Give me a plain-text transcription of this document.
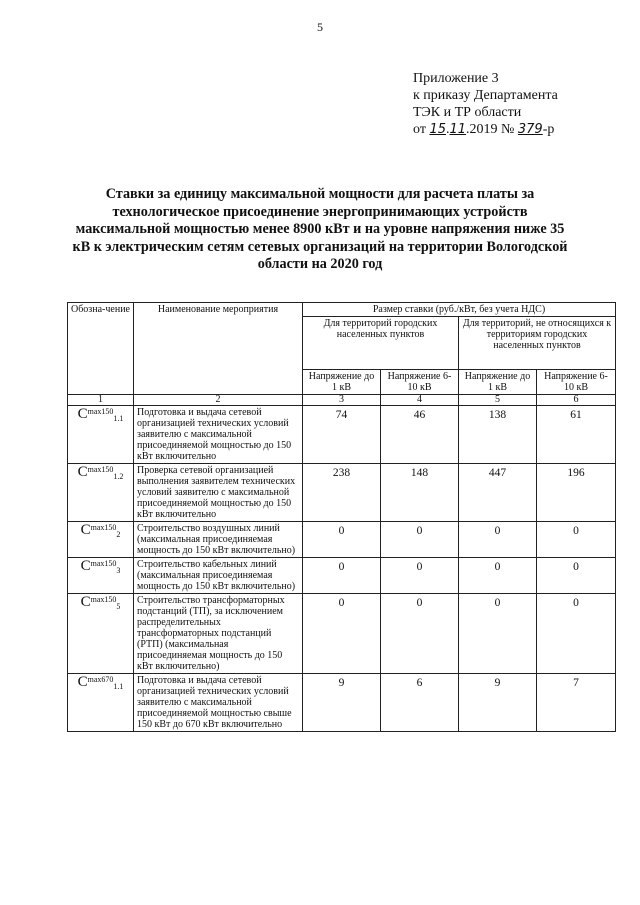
5
Приложение 3
к приказу Департамента
ТЭК и ТР области
от 15.11.2019 № 379-р
Ставки за единицу максимальной мощности для расчета платы за технологическое присоединение энергопринимающих устройств максимальной мощностью менее 8900 кВт и на уровне напряжения ниже 35 кВ к электрическим сетям сетевых организаций на территории Вологодской области на 2020 год
Обозна-чение	Наименование мероприятия	Размер ставки (руб./кВт, без учета НДС)			
		Для территорий городских населенных пунктов		Для территорий, не относящихся к территориям городских населенных пунктов	
		Напряжение до 1 кВ	Напряжение 6-10 кВ	Напряжение до 1 кВ	Напряжение 6-10 кВ
1	2	3	4	5	6
$C^{max150}_{1.1}$	Подготовка и выдача сетевой организацией технических условий заявителю с максимальной присоединяемой мощностью до 150 кВт включительно	74	46	138	61
$C^{max150}_{1.2}$	Проверка сетевой организацией выполнения заявителем технических условий заявителю с максимальной присоединяемой мощностью до 150 кВт включительно	238	148	447	196
$C^{max150}_2$	Строительство воздушных линий (максимальная присоединяемая мощность до 150 кВт включительно)	0	0	0	0
$C^{max150}_3$	Строительство кабельных линий (максимальная присоединяемая мощность до 150 кВт включительно)	0	0	0	0
$C^{max150}_5$	Строительство трансформаторных подстанций (ТП), за исключением распределительных трансформаторных подстанций (РТП) (максимальная присоединяемая мощность до 150 кВт включительно)	0	0	0	0
$C^{max670}_{1.1}$	Подготовка и выдача сетевой организацией технических условий заявителю с максимальной присоединяемой мощностью свыше 150 кВт до 670 кВт включительно	9	6	9	7
